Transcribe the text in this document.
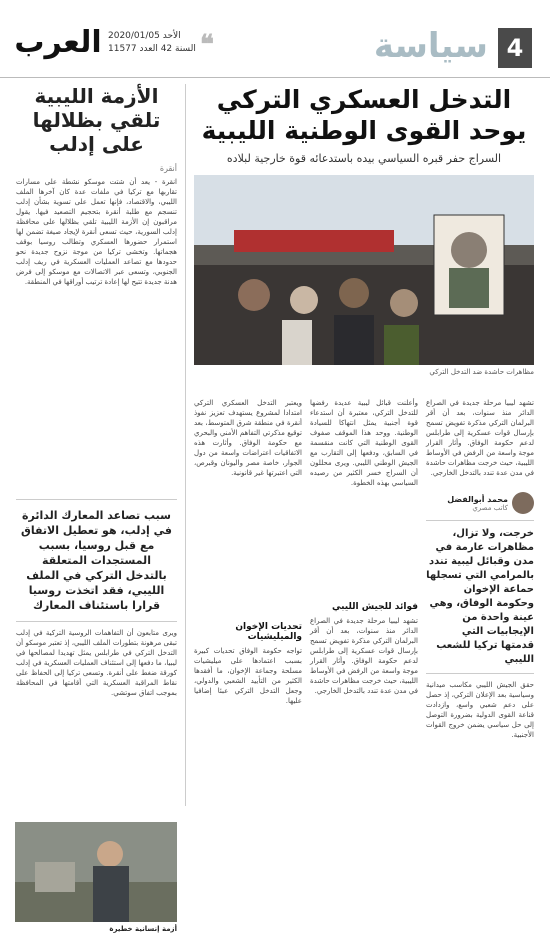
4
سياسة
❝
الأحد 2020/01/05
السنة 42 العدد 11577
العرب
الأزمة الليبية تلقي بظلالها على إدلب
أنقرة
انقرة - يعد أن شتت موسكو نشطة على مسارات تقاربها مع تركيا في ملفات عدة كان آخرها الملف الليبي، والاقتصاد، فإنها تعمل على تسوية بشأن إدلب تنسجم مع طلبة أنقرة بتحجيم التصعيد فيها. يقول مراقبون إن الأزمة الليبية تلقي بظلالها على محافظة إدلب السورية، حيث تسعى أنقرة لإيجاد صيغة تضمن لها استمرار حضورها العسكري وتطالب روسيا بوقف هجماتها. وتخشى تركيا من موجة نزوح جديدة نحو حدودها مع تصاعد العمليات العسكرية في ريف إدلب الجنوبي، وتسعى عبر الاتصالات مع موسكو إلى فرض هدنة جديدة تتيح لها إعادة ترتيب أوراقها في المنطقة.
سبب تصاعد المعارك الدائرة في إدلب، هو تعطيل الاتفاق مع قبل روسيا، بسبب المستجدات المتعلقة بالتدخل التركي في الملف الليبي، فقد اتخذت روسيا قرارا باستئناف المعارك
ويرى متابعون أن التفاهمات الروسية التركية في إدلب تبقى مرهونة بتطورات الملف الليبي، إذ تعتبر موسكو أن التدخل التركي في طرابلس يمثل تهديدا لمصالحها في ليبيا، ما دفعها إلى استئناف العمليات العسكرية في إدلب كورقة ضغط على أنقرة. وتسعى تركيا إلى الحفاظ على نقاط المراقبة العسكرية التي أقامتها في المحافظة بموجب اتفاق سوتشي.
أزمة إنسانية خطيرة
التدخل العسكري التركي
يوحد القوى الوطنية الليبية
السراج حفر قبره السياسي بيده باستدعائه قوة خارجية لبلاده
مظاهرات حاشدة ضد التدخل التركي
تشهد ليبيا مرحلة جديدة في الصراع الدائر منذ سنوات، بعد أن أقر البرلمان التركي مذكرة تفويض تسمح بإرسال قوات عسكرية إلى طرابلس لدعم حكومة الوفاق. وأثار القرار موجة واسعة من الرفض في الأوساط الليبية، حيث خرجت مظاهرات حاشدة في مدن عدة تندد بالتدخل الخارجي.
محمد أبوالفضل
كاتب مصري
خرجت، ولا تزال، مظاهرات عارمة في مدن وقبائل ليبية تندد بالمرامي التي تسجلها حماعة الإخوان وحكومة الوفاق، وهي عينة واحدة من الإيجابيات التي قدمتها تركيا للشعب الليبي
حقق الجيش الليبي مكاسب ميدانية وسياسية بعد الإعلان التركي، إذ حصل على دعم شعبي واسع، وازدادت قناعة القوى الدولية بضرورة التوصل إلى حل سياسي يضمن خروج القوات الأجنبية.
وأعلنت قبائل ليبية عديدة رفضها للتدخل التركي، معتبرة أن استدعاء قوة أجنبية يمثل انتهاكا للسيادة الوطنية. ووحد هذا الموقف صفوف القوى الوطنية التي كانت منقسمة في السابق، ودفعها إلى التقارب مع الجيش الوطني الليبي. ويرى محللون أن السراج خسر الكثير من رصيده السياسي بهذه الخطوة.
فوائد للجيش الليبي
تشهد ليبيا مرحلة جديدة في الصراع الدائر منذ سنوات، بعد أن أقر البرلمان التركي مذكرة تفويض تسمح بإرسال قوات عسكرية إلى طرابلس لدعم حكومة الوفاق. وأثار القرار موجة واسعة من الرفض في الأوساط الليبية، حيث خرجت مظاهرات حاشدة في مدن عدة تندد بالتدخل الخارجي.
ويعتبر التدخل العسكري التركي امتدادا لمشروع يستهدف تعزيز نفوذ أنقرة في منطقة شرق المتوسط، بعد توقيع مذكرتي التفاهم الأمني والبحري مع حكومة الوفاق. وأثارت هذه الاتفاقيات اعتراضات واسعة من دول الجوار، خاصة مصر واليونان وقبرص، التي اعتبرتها غير قانونية.
تحديات الإخوان والميليشيات
تواجه حكومة الوفاق تحديات كبيرة بسبب اعتمادها على ميليشيات مسلحة وجماعة الإخوان، ما أفقدها الكثير من التأييد الشعبي والدولي، وجعل التدخل التركي عبئا إضافيا عليها.
